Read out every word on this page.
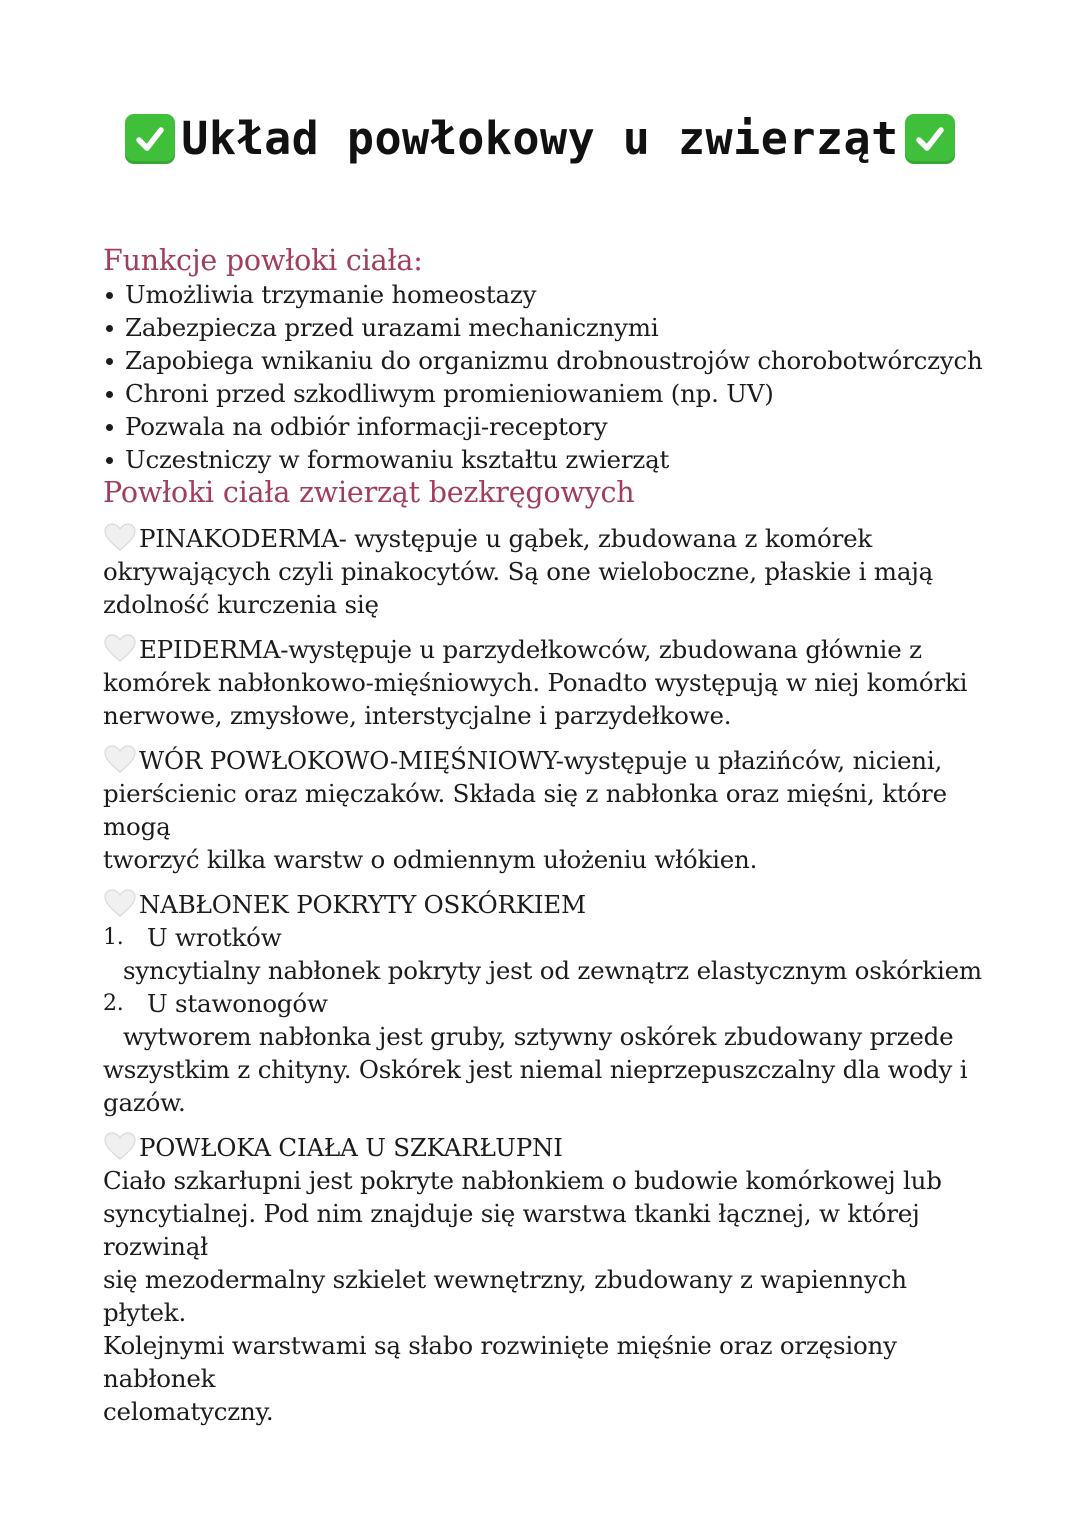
Układ powłokowy u zwierząt
Funkcje powłoki ciała:
Umożliwia trzymanie homeostazy
Zabezpiecza przed urazami mechanicznymi
Zapobiega wnikaniu do organizmu drobnoustrojów chorobotwórczych
Chroni przed szkodliwym promieniowaniem (np. UV)
Pozwala na odbiór informacji-receptory
Uczestniczy w formowaniu kształtu zwierząt
Powłoki ciała zwierząt bezkręgowych
PINAKODERMA- występuje u gąbek, zbudowana z komórek
okrywających czyli pinakocytów. Są one wieloboczne, płaskie i mają
zdolność kurczenia się
EPIDERMA-występuje u parzydełkowców, zbudowana głównie z
komórek nabłonkowo-mięśniowych. Ponadto występują w niej komórki
nerwowe, zmysłowe, interstycjalne i parzydełkowe.
WÓR POWŁOKOWO-MIĘŚNIOWY-występuje u płazińców, nicieni,
pierścienic oraz mięczaków. Składa się z nabłonka oraz mięśni, które mogą
tworzyć kilka warstw o odmiennym ułożeniu włókien.
NABŁONEK POKRYTY OSKÓRKIEM
1. U wrotków
syncytialny nabłonek pokryty jest od zewnątrz elastycznym oskórkiem
2. U stawonogów
wytworem nabłonka jest gruby, sztywny oskórek zbudowany przede
wszystkim z chityny. Oskórek jest niemal nieprzepuszczalny dla wody i
gazów.
POWŁOKA CIAŁA U SZKARŁUPNI
Ciało szkarłupni jest pokryte nabłonkiem o budowie komórkowej lub
syncytialnej. Pod nim znajduje się warstwa tkanki łącznej, w której rozwinął
się mezodermalny szkielet wewnętrzny, zbudowany z wapiennych płytek.
Kolejnymi warstwami są słabo rozwinięte mięśnie oraz orzęsiony nabłonek
celomatyczny.
